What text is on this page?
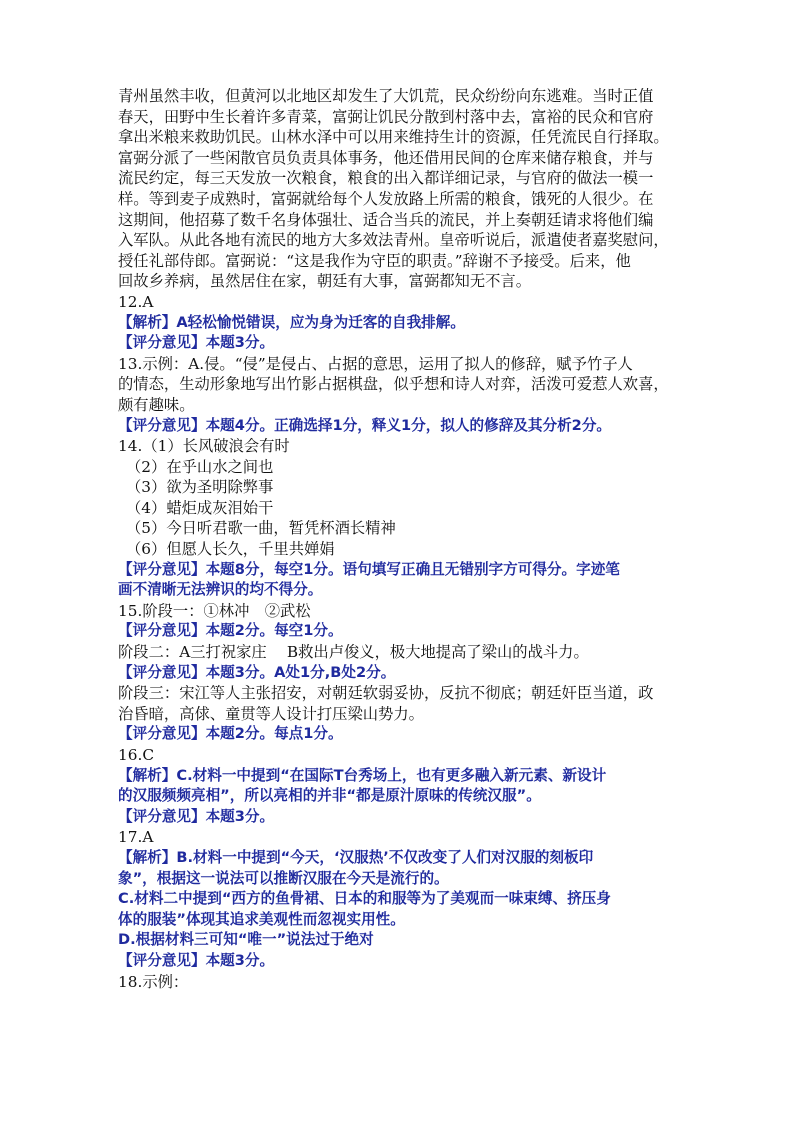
青州虽然丰收，但黄河以北地区却发生了大饥荒，民众纷纷向东逃难。当时正值
春天，田野中生长着许多青菜，富弼让饥民分散到村落中去，富裕的民众和官府
拿出米粮来救助饥民。山林水泽中可以用来维持生计的资源，任凭流民自行择取。
富弼分派了一些闲散官员负责具体事务，他还借用民间的仓库来储存粮食，并与
流民约定，每三天发放一次粮食，粮食的出入都详细记录，与官府的做法一模一
样。等到麦子成熟时，富弼就给每个人发放路上所需的粮食，饿死的人很少。在
这期间，他招募了数千名身体强壮、适合当兵的流民，并上奏朝廷请求将他们编
入军队。从此各地有流民的地方大多效法青州。皇帝听说后，派遣使者嘉奖慰问，
授任礼部侍郎。富弼说：“这是我作为守臣的职责。”辞谢不予接受。后来，他
回故乡养病，虽然居住在家，朝廷有大事，富弼都知无不言。
12.A
【解析】A轻松愉悦错误，应为身为迁客的自我排解。
【评分意见】本题3分。
13.示例：A.侵。“侵”是侵占、占据的意思，运用了拟人的修辞，赋予竹子人
的情态，生动形象地写出竹影占据棋盘，似乎想和诗人对弈，活泼可爱惹人欢喜，
颇有趣味。
【评分意见】本题4分。正确选择1分，释义1分，拟人的修辞及其分析2分。
14.（1）长风破浪会有时
（2）在乎山水之间也
（3）欲为圣明除弊事
（4）蜡炬成灰泪始干
（5）今日听君歌一曲，暂凭杯酒长精神
（6）但愿人长久，千里共婵娟
【评分意见】本题8分，每空1分。语句填写正确且无错别字方可得分。字迹笔
画不清晰无法辨识的均不得分。
15.阶段一：①林冲　②武松
【评分意见】本题2分。每空1分。
阶段二：A三打祝家庄　 B救出卢俊义，极大地提高了梁山的战斗力。
【评分意见】本题3分。A处1分,B处2分。
阶段三：宋江等人主张招安，对朝廷软弱妥协，反抗不彻底；朝廷奸臣当道，政
治昏暗，高俅、童贯等人设计打压梁山势力。
【评分意见】本题2分。每点1分。
16.C
【解析】C.材料一中提到“在国际T台秀场上，也有更多融入新元素、新设计
的汉服频频亮相”，所以亮相的并非“都是原汁原味的传统汉服”。
【评分意见】本题3分。
17.A
【解析】B.材料一中提到“今天，‘汉服热’不仅改变了人们对汉服的刻板印
象”，根据这一说法可以推断汉服在今天是流行的。
C.材料二中提到“西方的鱼骨裙、日本的和服等为了美观而一味束缚、挤压身
体的服装”体现其追求美观性而忽视实用性。
D.根据材料三可知“唯一”说法过于绝对
【评分意见】本题3分。
18.示例：
